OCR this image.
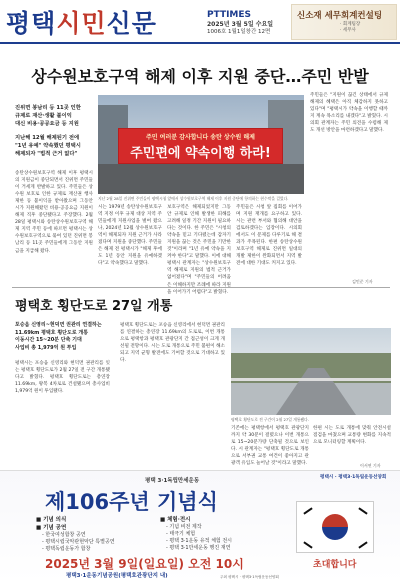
평택시민신문	PTTIMES
2025년 3월 5일 수요일
1006호 1월1일창간 12면
신소재 세무회계컨설팅
· 회계팀장
· 세무사
상수원보호구역 해제 이후 지원 중단…주민 반발
진위면 봉남리 등 11곳 인한
규제로 재산·생활 불이익
대신 비용·공공요금 등 지원
지난해 12월 해제된기 전에
"1년 유예" 약속했던 평택시
해제되자 "법적 근거 없다"
송탄상수원보호구역 해제 이후 평택시의 지원금이 중단되면서 진위면 주민들이 거세게 반발하고 있다. 주민들은 상수원 보호로 인한 규제로 재산권 행사 제한 등 불이익을 받아왔으며 그동안 시가 지원해왔던 비용·공공요금 지원이 해제 직후 중단됐다고 주장했다. 2월 28일 평택시와 송탄상수원보호구역 해제 지역 주민 등에 따르면 평택시는 상수원보호구역으로 묶여 있던 진위면 봉남리 등 11곳 주민들에게 그동안 지원금을 지급해 왔다.
주민 여러분 감사합니다 송탄 상수원 해제
주민편에 약속이행 하라!
지난 2월 28일 진위면 주민들이 평택시청 앞에서 상수원보호구역 해제 이후 지원 중단에 항의하는 현수막을 걸었다.
시는 1979년 송탄상수원보호구역 지정 이후 규제 대상 지역 주민들에게 지원사업을 벌여 왔으나, 2024년 12월 상수원보호구역이 해제되자 지원 근거가 사라졌다며 지원을 중단했다. 주민들은 해제 전 평택시가 "해제 후에도 1년 동안 지원을 유예하겠다"고 약속했다고 말했다.
보호구역은 해제되었지만 그동안 규제로 인해 발생한 피해를 고려해 일정 기간 지원이 필요하다는 것이다. 한 주민은 "시청의 약속을 믿고 기다렸는데 갑자기 지원을 끊는 것은 주민을 기만한 것"이라며 "1년 유예 약속을 지켜야 한다"고 말했다. 이에 대해 평택시 관계자는 "상수원보호구역 해제로 지원의 법적 근거가 없어졌다"며 "주민들의 어려움은 이해하지만 조례에 따라 지원을 이어가기 어렵다"고 밝혔다.
주민들은 시청 앞 집회를 이어가며 지원 재개를 요구하고 있다. 시는 관련 부서와 협의해 대안을 검토하겠다는 입장이다. 시의회에서도 이 문제를 다루기로 해 결과가 주목된다. 한편 송탄상수원보호구역 해제로 진위면 일대의 개발 제한이 완화되면서 지역 발전에 대한 기대도 커지고 있다.
주민들은 "지원이 끊긴 상태에서 규제 해제의 혜택은 아직 체감하지 못하고 있다"며 "평택시가 약속을 이행할 때까지 계속 목소리를 내겠다"고 밝혔다. 시의회 관계자는 주민 의견을 수렴해 제도 개선 방안을 마련하겠다고 말했다.
김민준 기자
평택호 횡단도로 27일 개통
포승읍 신영리~현덕면 권관리 연결하는
11.69km 평택호 횡단도로 개통
이동시간 15~20분 단축 기대
사업비 총 1,979억 원 투입
평택시는 포승읍 신영리와 현덕면 권관리를 잇는 평택호 횡단도로가 2월 27일 전 구간 개통됐다고 밝혔다. 평택호 횡단도로는 총연장 11.69km, 왕복 4차로로 건설됐으며 총사업비 1,979억 원이 투입됐다.
평택호 횡단도로는 포승읍 신영리에서 현덕면 권관리를 연결하는 총연장 11.69km의 도로로, 이번 개통으로 평택항과 평택호 관광단지 간 접근성이 크게 개선될 전망이다. 시는 도로 개통으로 주민 불편이 해소되고 지역 균형 발전에도 기여할 것으로 기대하고 있다.
평택호 횡단도로 전 구간이 2월 27일 개통됐다.
기존에는 평택항에서 평택호 관광단지까지 약 30분이 걸렸으나 이번 개통으로 15~20분가량 단축될 것으로 보인다. 시 관계자는 "평택호 횡단도로 개통으로 서부권 교통 여건이 좋아지고 관광객 유입도 늘어날 것"이라고 말했다.
한편 시는 도로 개통에 맞춰 안전시설 점검을 마쳤으며 교통량 변화를 지속적으로 모니터링할 계획이다.
이서연 기자
평택 3·1독립만세운동
평택시 · 평택3·1독립운동선양회
제106주년 기념식
■ 기념 의식
■ 기념 공연
- 한국여성합창 공연
- 평택시립국악관현악단 특별공연
- 평택독립운동가 합창
■ 체험·전시
- 기념 비전 제작
- 태극기 체험
- 평택 3·1운동 유적 체험 전시
- 평택 3·1만세운동 행진 재연
2025년 3월 9일(일요일) 오전 10시
평택3·1운동기념공원(평택호관광단지 내)
초대합니다
주최 평택시 · 평택3·1독립운동선양회
